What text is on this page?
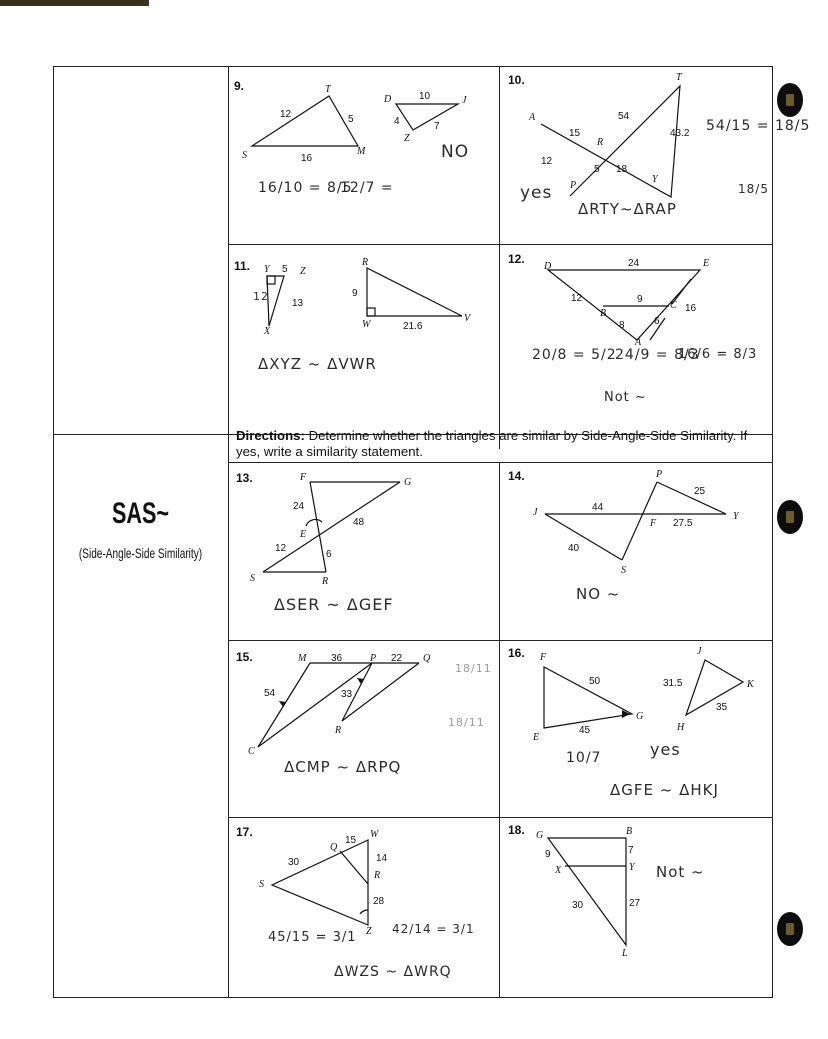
SAS~
(Side-Angle-Side Similarity)
Directions: Determine whether the triangles are similar by Side-Angle-Side Similarity. If yes, write a similarity statement.
9.	10.
11.	12.
13.	14.
15.	16.
17.	18.
T
S	M
12	5
16
D	J
Z
10
4	7
NO
16/10 = 8/5
12/7 =
A
T
R
P
Y
15
54
43.2
12
5 18
yes
ΔRTY~ΔRAP
54/15 = 18/5
18/5
Y	Z
X
5
12
13
R
W
V
9
21.6
ΔXYZ ~ ΔVWR
D	E
B
C
A
24
12	9
16
8	6
20/8 = 5/2
24/9 = 8/3
16/6 = 8/3
Not ~
F	G
E
S	R
24
48
12
6
ΔSER ~ ΔGEF
P
J	Y
F
S
25
44
27.5
40
NO ~
M 36	P 22 Q
54	33
R
C
ΔCMP ~ ΔRPQ
18/11
18/11
F
E
G
50
45
J
K
H
31.5
35
10/7	yes
ΔGFE ~ ΔHKJ
Q
15
W
30	14
R
S
28
Z
45/15 = 3/1
42/14 = 3/1
ΔWZS ~ ΔWRQ
G	B
9	7
X	Y
30	27
L
Not ~
